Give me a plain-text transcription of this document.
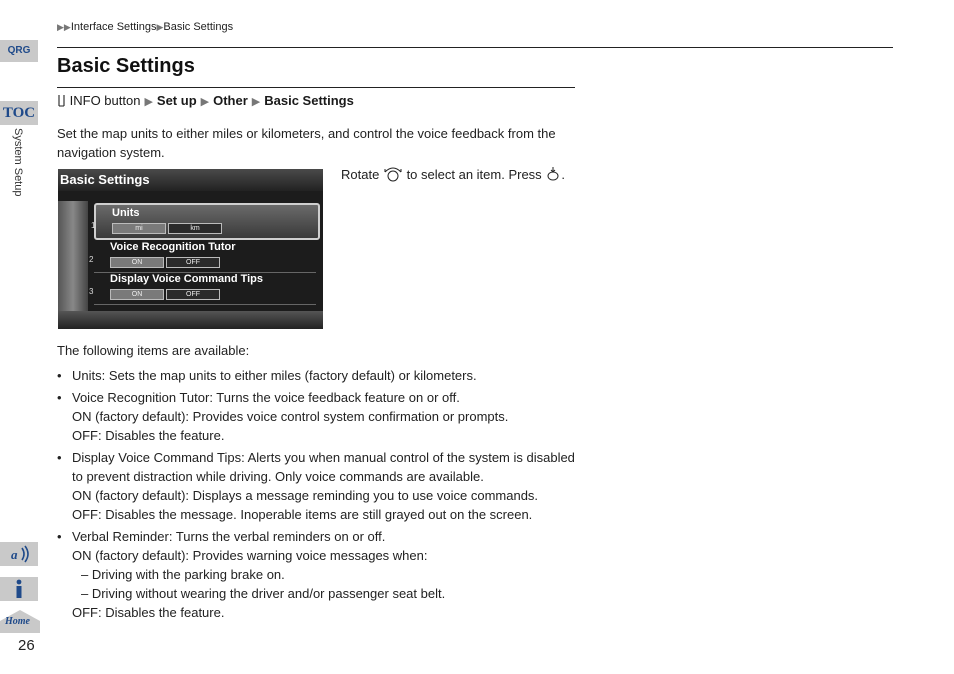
QRG
TOC
System Setup
a
Home
26
▶▶Interface Settings▶Basic Settings
Basic Settings
INFO button ▶ Set up ▶ Other ▶ Basic Settings
Set the map units to either miles or kilometers, and control the voice feedback from the navigation system.
Basic Settings
1
Units
mi	km
2
Voice Recognition Tutor
ON	OFF
3
Display Voice Command Tips
ON	OFF
Rotate to select an item. Press .
The following items are available:
• Units: Sets the map units to either miles (factory default) or kilometers.
• Voice Recognition Tutor: Turns the voice feedback feature on or off.
ON (factory default): Provides voice control system confirmation or prompts.
OFF: Disables the feature.
• Display Voice Command Tips: Alerts you when manual control of the system is disabled to prevent distraction while driving. Only voice commands are available.
ON (factory default): Displays a message reminding you to use voice commands.
OFF: Disables the message. Inoperable items are still grayed out on the screen.
• Verbal Reminder: Turns the verbal reminders on or off.
ON (factory default): Provides warning voice messages when:
– Driving with the parking brake on.
– Driving without wearing the driver and/or passenger seat belt.
OFF: Disables the feature.
